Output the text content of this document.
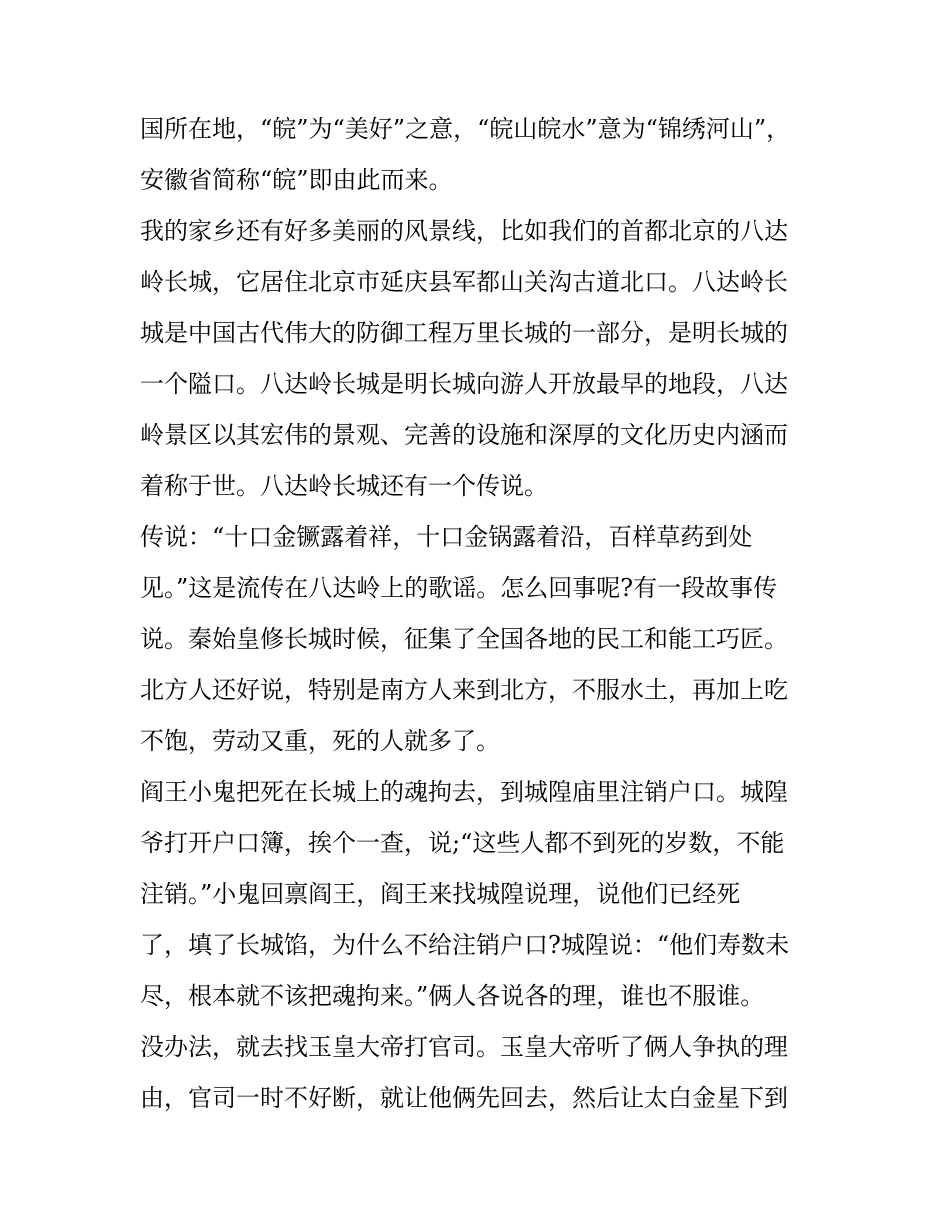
国所在地，“皖”为“美好”之意，“皖山皖水”意为“锦绣河山”，
安徽省简称“皖”即由此而来。
我的家乡还有好多美丽的风景线，比如我们的首都北京的八达
岭长城，它居住北京市延庆县军都山关沟古道北口。八达岭长
城是中国古代伟大的防御工程万里长城的一部分，是明长城的
一个隘口。八达岭长城是明长城向游人开放最早的地段，八达
岭景区以其宏伟的景观、完善的设施和深厚的文化历史内涵而
着称于世。八达岭长城还有一个传说。
传说：“十口金镢露着祥，十口金锅露着沿，百样草药到处
见。”这是流传在八达岭上的歌谣。怎么回事呢?有一段故事传
说。秦始皇修长城时候，征集了全国各地的民工和能工巧匠。
北方人还好说，特别是南方人来到北方，不服水土，再加上吃
不饱，劳动又重，死的人就多了。
阎王小鬼把死在长城上的魂拘去，到城隍庙里注销户口。城隍
爷打开户口簿，挨个一查，说;“这些人都不到死的岁数，不能
注销。”小鬼回禀阎王，阎王来找城隍说理，说他们已经死
了，填了长城馅，为什么不给注销户口?城隍说：“他们寿数未
尽，根本就不该把魂拘来。”俩人各说各的理，谁也不服谁。
没办法，就去找玉皇大帝打官司。玉皇大帝听了俩人争执的理
由，官司一时不好断，就让他俩先回去，然后让太白金星下到
